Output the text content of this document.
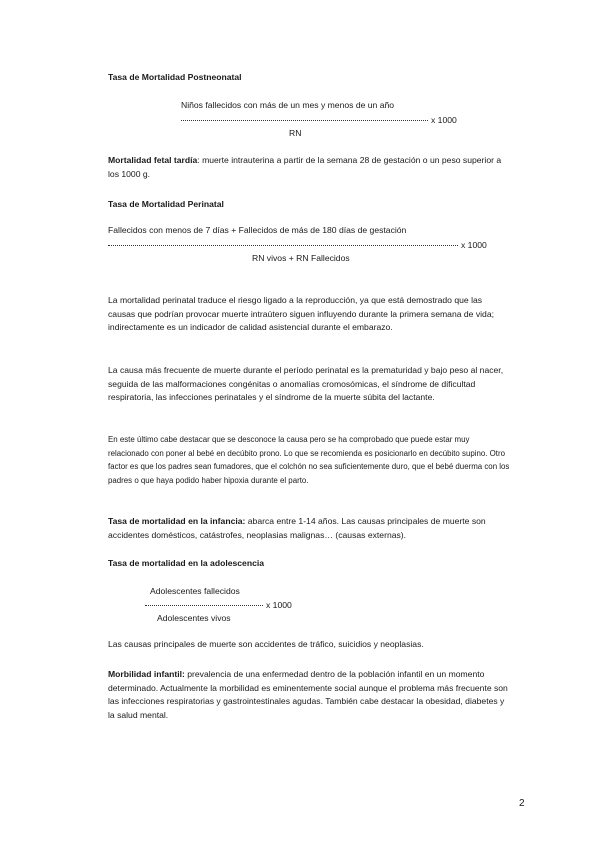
Tasa de Mortalidad Postneonatal
Niños fallecidos con más de un mes y menos de un año
x 1000
RN
Mortalidad fetal tardía: muerte intrauterina a partir de la semana 28 de gestación o un peso superior a los 1000 g.
Tasa de Mortalidad Perinatal
Fallecidos con menos de 7 días + Fallecidos de más de 180 días de gestación
x 1000
RN vivos + RN Fallecidos
La mortalidad perinatal traduce el riesgo ligado a la reproducción, ya que está demostrado que las causas que podrían provocar muerte intraútero siguen influyendo durante la primera semana de vida; indirectamente es un indicador de calidad asistencial durante el embarazo.
La causa más frecuente de muerte durante el período perinatal es la prematuridad y bajo peso al nacer, seguida de las malformaciones congénitas o anomalías cromosómicas, el síndrome de dificultad respiratoria, las infecciones perinatales y el síndrome de la muerte súbita del lactante.
En este último cabe destacar que se desconoce la causa pero se ha comprobado que puede estar muy relacionado con poner al bebé en decúbito prono. Lo que se recomienda es posicionarlo en decúbito supino. Otro factor es que los padres sean fumadores, que el colchón no sea suficientemente duro, que el bebé duerma con los padres o que haya podido haber hipoxia durante el parto.
Tasa de mortalidad en la infancia: abarca entre 1-14 años. Las causas principales de muerte son accidentes domésticos, catástrofes, neoplasias malignas… (causas externas).
Tasa de mortalidad en la adolescencia
Adolescentes fallecidos
x 1000
Adolescentes vivos
Las causas principales de muerte son accidentes de tráfico, suicidios y neoplasias.
Morbilidad infantil: prevalencia de una enfermedad dentro de la población infantil en un momento determinado. Actualmente la morbilidad es eminentemente social aunque el problema más frecuente son las infecciones respiratorias y gastrointestinales agudas. También cabe destacar la obesidad, diabetes y la salud mental.
2
